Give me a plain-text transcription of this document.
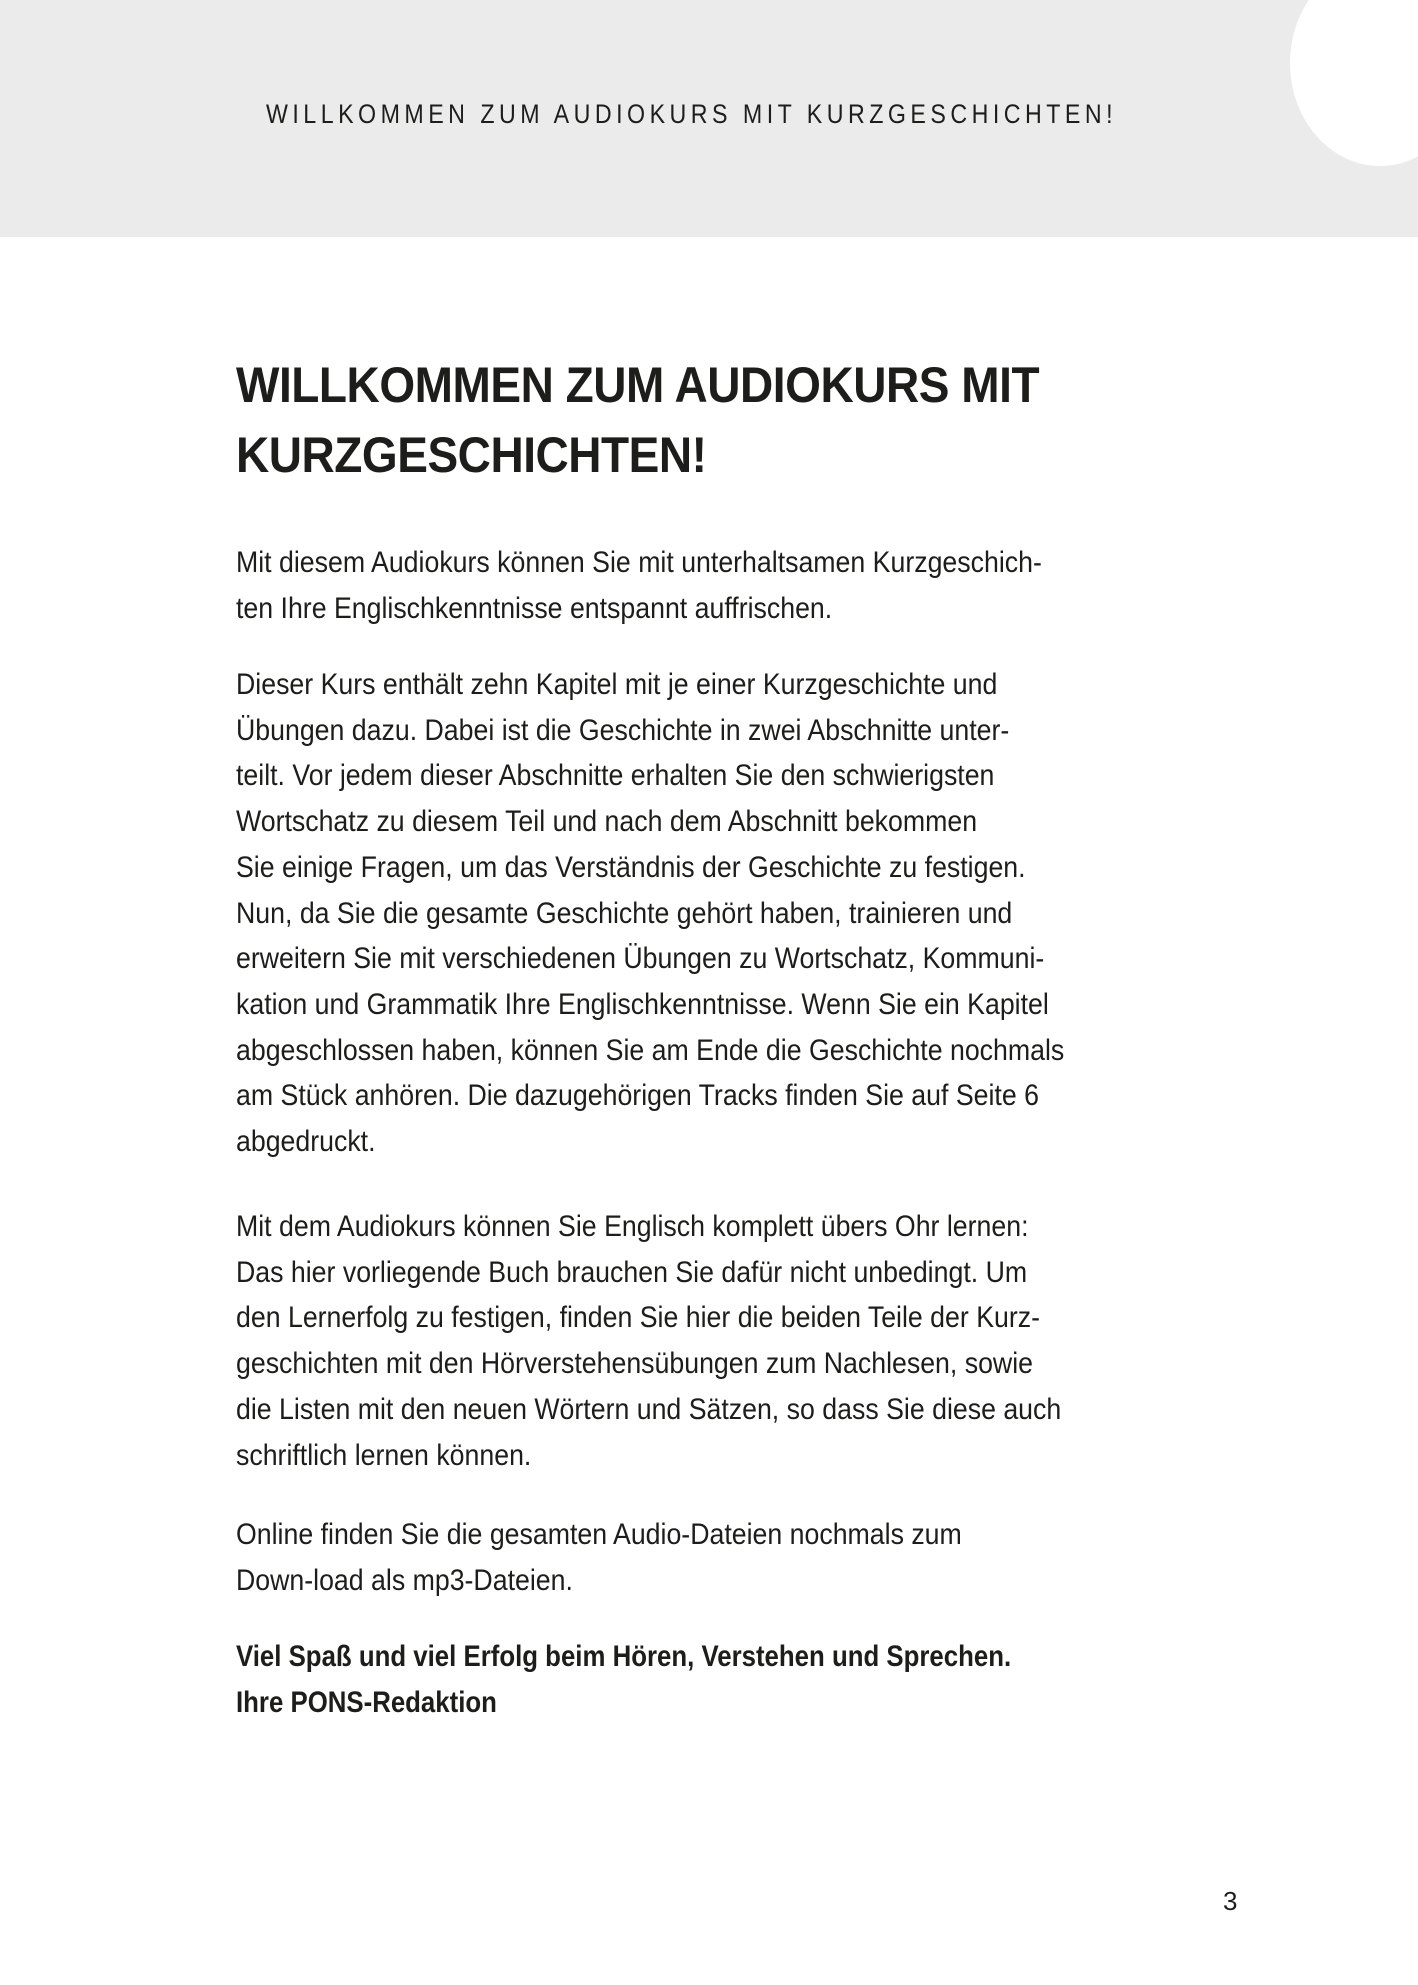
WILLKOMMEN ZUM AUDIOKURS MIT KURZGESCHICHTEN!
WILLKOMMEN ZUM AUDIOKURS MIT
KURZGESCHICHTEN!

Mit diesem Audiokurs können Sie mit unterhaltsamen Kurzgeschich-
ten Ihre Englischkenntnisse entspannt auffrischen.

Dieser Kurs enthält zehn Kapitel mit je einer Kurzgeschichte und
Übungen dazu. Dabei ist die Geschichte in zwei Abschnitte unter-
teilt. Vor jedem dieser Abschnitte erhalten Sie den schwierigsten
Wortschatz zu diesem Teil und nach dem Abschnitt bekommen
Sie einige Fragen, um das Verständnis der Geschichte zu festigen.
Nun, da Sie die gesamte Geschichte gehört haben, trainieren und
erweitern Sie mit verschiedenen Übungen zu Wortschatz, Kommuni-
kation und Grammatik Ihre Englischkenntnisse. Wenn Sie ein Kapitel
abgeschlossen haben, können Sie am Ende die Geschichte nochmals
am Stück anhören. Die dazugehörigen Tracks finden Sie auf Seite 6
abgedruckt.

Mit dem Audiokurs können Sie Englisch komplett übers Ohr lernen:
Das hier vorliegende Buch brauchen Sie dafür nicht unbedingt. Um
den Lernerfolg zu festigen, finden Sie hier die beiden Teile der Kurz-
geschichten mit den Hörverstehensübungen zum Nachlesen, sowie
die Listen mit den neuen Wörtern und Sätzen, so dass Sie diese auch
schriftlich lernen können.

Online finden Sie die gesamten Audio-Dateien nochmals zum
Down-load als mp3-Dateien.

Viel Spaß und viel Erfolg beim Hören, Verstehen und Sprechen.
Ihre PONS-Redaktion

3
